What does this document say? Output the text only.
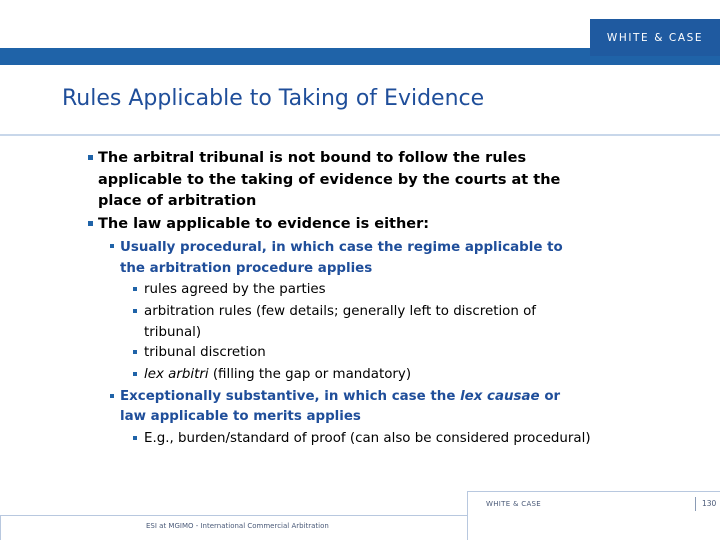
WHITE & CASE
Rules Applicable to Taking of Evidence
The arbitral tribunal is not bound to follow the rules
applicable to the taking of evidence by the courts at the
place of arbitration
The law applicable to evidence is either:
Usually procedural, in which case the regime applicable to
the arbitration procedure applies
rules agreed by the parties
arbitration rules (few details; generally left to discretion of
tribunal)
tribunal discretion
lex arbitri (filling the gap or mandatory)
Exceptionally substantive, in which case the lex causae or
law applicable to merits applies
E.g., burden/standard of proof (can also be considered procedural)
WHITE & CASE	130
ESI at MGIMO - International Commercial Arbitration
